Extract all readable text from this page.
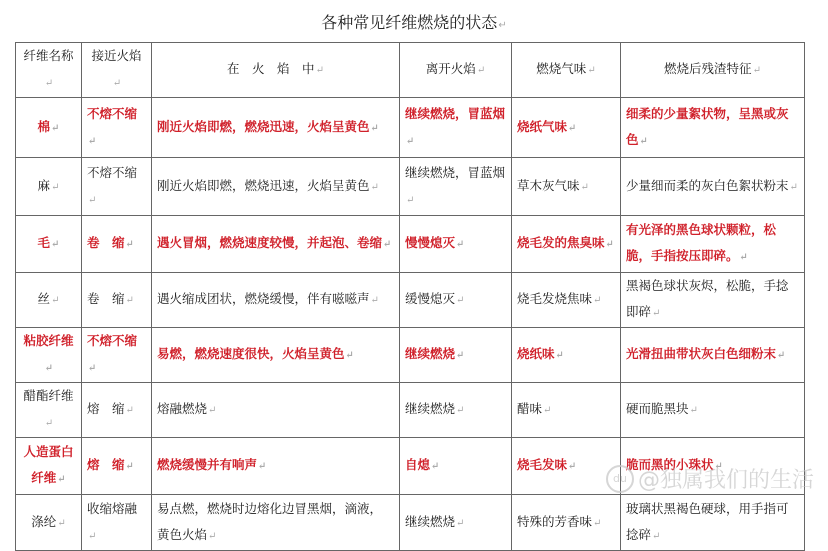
各种常见纤维燃烧的状态 ↵
纤维名称 ↵	接近火焰 ↵	在　火　焰　中 ↵	离开火焰 ↵	燃烧气味 ↵	燃烧后残渣特征 ↵
棉 ↵	不熔不缩 ↵	刚近火焰即燃，燃烧迅速，火焰呈黄色 ↵	继续燃烧，冒蓝烟 ↵	烧纸气味 ↵	细柔的少量絮状物，呈黑或灰色 ↵
麻 ↵	不熔不缩 ↵	刚近火焰即燃，燃烧迅速，火焰呈黄色 ↵	继续燃烧，冒蓝烟 ↵	草木灰气味 ↵	少量细而柔的灰白色絮状粉末 ↵
毛 ↵	卷　缩 ↵	遇火冒烟，燃烧速度较慢，并起泡、卷缩 ↵	慢慢熄灭 ↵	烧毛发的焦臭味 ↵	有光泽的黑色球状颗粒，松脆，手指按压即碎。 ↵
丝 ↵	卷　缩 ↵	遇火缩成团状，燃烧缓慢，伴有嗞嗞声 ↵	缓慢熄灭 ↵	烧毛发烧焦味 ↵	黑褐色球状灰烬，松脆，手捻即碎 ↵
粘胶纤维 ↵	不熔不缩 ↵	易燃，燃烧速度很快，火焰呈黄色 ↵	继续燃烧 ↵	烧纸味 ↵	光滑扭曲带状灰白色细粉末 ↵
醋酯纤维 ↵	熔　缩 ↵	熔融燃烧 ↵	继续燃烧 ↵	醋味 ↵	硬而脆黑块 ↵
人造蛋白纤维 ↵	熔　缩 ↵	燃烧缓慢并有响声 ↵	自熄 ↵	烧毛发味 ↵	脆而黑的小珠状 ↵
涤纶 ↵	收缩熔融 ↵	易点燃，燃烧时边熔化边冒黑烟，滴液，黄色火焰 ↵	继续燃烧 ↵	特殊的芳香味 ↵	玻璃状黑褐色硬球，用手指可捻碎 ↵
du @独属我们的生活
